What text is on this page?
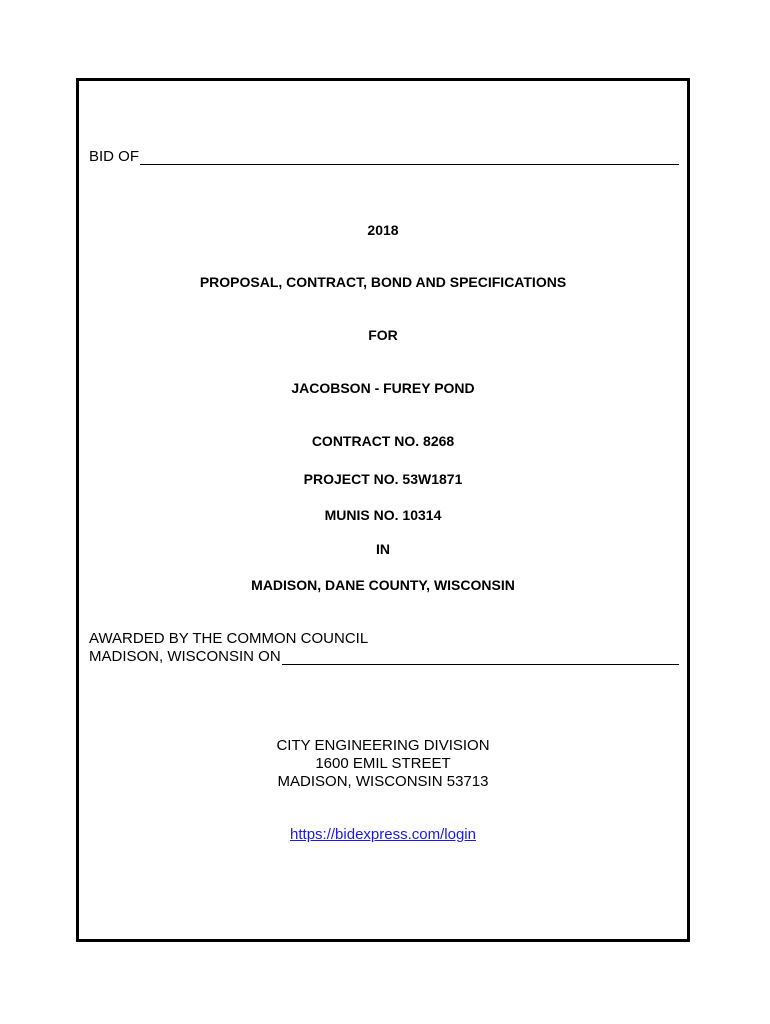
BID OF
2018
PROPOSAL, CONTRACT, BOND AND SPECIFICATIONS
FOR
JACOBSON - FUREY POND
CONTRACT NO. 8268
PROJECT NO. 53W1871
MUNIS NO. 10314
IN
MADISON, DANE COUNTY, WISCONSIN
AWARDED BY THE COMMON COUNCIL
MADISON, WISCONSIN ON
CITY ENGINEERING DIVISION
1600 EMIL STREET
MADISON, WISCONSIN 53713
https://bidexpress.com/login
